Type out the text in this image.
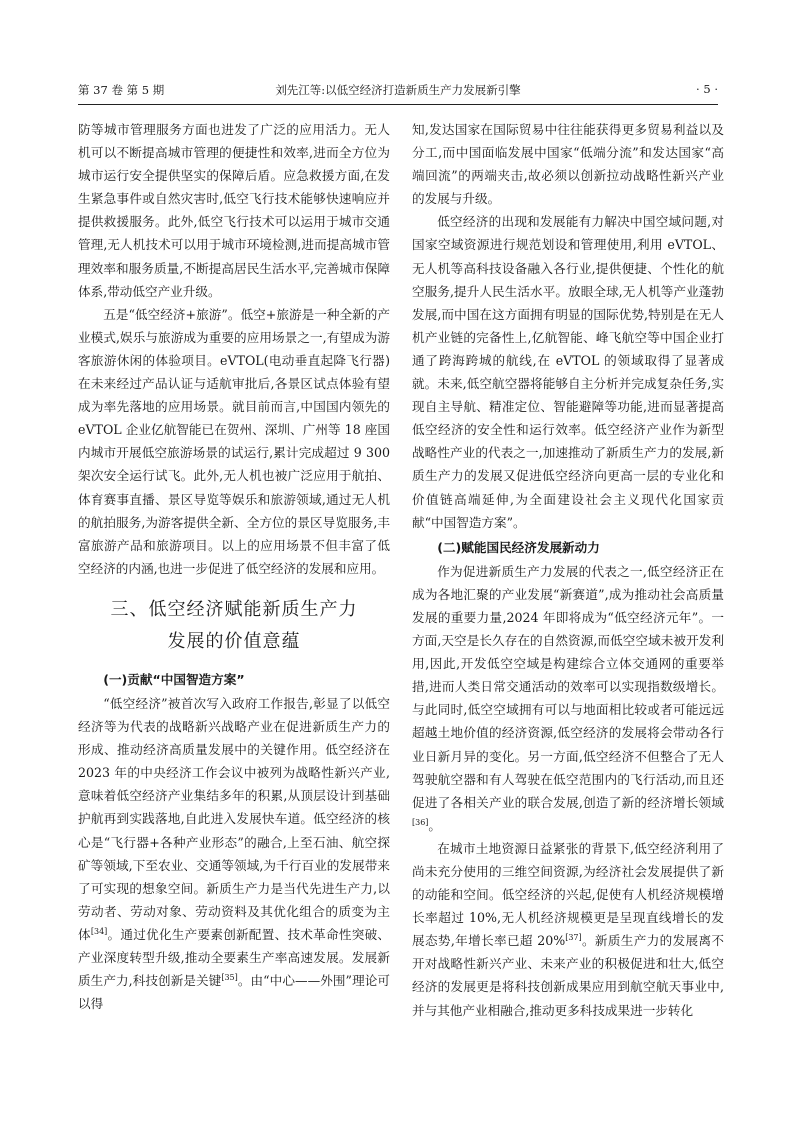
第 37 卷 第 5 期	刘先江等:以低空经济打造新质生产力发展新引擎	· 5 ·

防等城市管理服务方面也进发了广泛的应用活力。无人机可以不断提高城市管理的便捷性和效率,进而全方位为城市运行安全提供坚实的保障后盾。应急救援方面,在发生紧急事件或自然灾害时,低空飞行技术能够快速响应并提供救援服务。此外,低空飞行技术可以运用于城市交通管理,无人机技术可以用于城市环境检测,进而提高城市管理效率和服务质量,不断提高居民生活水平,完善城市保障体系,带动低空产业升级。

五是“低空经济+旅游”。低空+旅游是一种全新的产业模式,娱乐与旅游成为重要的应用场景之一,有望成为游客旅游休闲的体验项目。eVTOL(电动垂直起降飞行器)在未来经过产品认证与适航审批后,各景区试点体验有望成为率先落地的应用场景。就目前而言,中国国内领先的 eVTOL 企业亿航智能已在贺州、深圳、广州等 18 座国内城市开展低空旅游场景的试运行,累计完成超过 9 300 架次安全运行试飞。此外,无人机也被广泛应用于航拍、体育赛事直播、景区导览等娱乐和旅游领域,通过无人机的航拍服务,为游客提供全新、全方位的景区导览服务,丰富旅游产品和旅游项目。以上的应用场景不但丰富了低空经济的内涵,也进一步促进了低空经济的发展和应用。

三、低空经济赋能新质生产力
发展的价值意蕴
(一)贡献“中国智造方案”

“低空经济”被首次写入政府工作报告,彰显了以低空经济等为代表的战略新兴战略产业在促进新质生产力的形成、推动经济高质量发展中的关键作用。低空经济在 2023 年的中央经济工作会议中被列为战略性新兴产业,意味着低空经济产业集结多年的积累,从顶层设计到基础护航再到实践落地,自此进入发展快车道。低空经济的核心是“飞行器+各种产业形态”的融合,上至石油、航空探矿等领域,下至农业、交通等领域,为千行百业的发展带来了可实现的想象空间。新质生产力是当代先进生产力,以劳动者、劳动对象、劳动资料及其优化组合的质变为主体[34]。通过优化生产要素创新配置、技术革命性突破、产业深度转型升级,推动全要素生产率高速发展。发展新质生产力,科技创新是关键[35]。由“中心——外围”理论可以得

知,发达国家在国际贸易中往往能获得更多贸易利益以及分工,而中国面临发展中国家“低端分流”和发达国家“高端回流”的两端夹击,故必须以创新拉动战略性新兴产业的发展与升级。

低空经济的出现和发展能有力解决中国空域问题,对国家空域资源进行规范划设和管理使用,利用 eVTOL、无人机等高科技设备融入各行业,提供便捷、个性化的航空服务,提升人民生活水平。放眼全球,无人机等产业蓬勃发展,而中国在这方面拥有明显的国际优势,特别是在无人机产业链的完备性上,亿航智能、峰飞航空等中国企业打通了跨海跨城的航线,在 eVTOL 的领域取得了显著成就。未来,低空航空器将能够自主分析并完成复杂任务,实现自主导航、精准定位、智能避障等功能,进而显著提高低空经济的安全性和运行效率。低空经济产业作为新型战略性产业的代表之一,加速推动了新质生产力的发展,新质生产力的发展又促进低空经济向更高一层的专业化和价值链高端延伸,为全面建设社会主义现代化国家贡献“中国智造方案”。

(二)赋能国民经济发展新动力

作为促进新质生产力发展的代表之一,低空经济正在成为各地汇聚的产业发展“新赛道”,成为推动社会高质量发展的重要力量,2024 年即将成为“低空经济元年”。一方面,天空是长久存在的自然资源,而低空空域未被开发利用,因此,开发低空空域是构建综合立体交通网的重要举措,进而人类日常交通活动的效率可以实现指数级增长。与此同时,低空空域拥有可以与地面相比较或者可能远远超越土地价值的经济资源,低空经济的发展将会带动各行业日新月异的变化。另一方面,低空经济不但整合了无人驾驶航空器和有人驾驶在低空范围内的飞行活动,而且还促进了各相关产业的联合发展,创造了新的经济增长领域[36]。

在城市土地资源日益紧张的背景下,低空经济利用了尚未充分使用的三维空间资源,为经济社会发展提供了新的动能和空间。低空经济的兴起,促使有人机经济规模增长率超过 10%,无人机经济规模更是呈现直线增长的发展态势,年增长率已超 20%[37]。新质生产力的发展离不开对战略性新兴产业、未来产业的积极促进和壮大,低空经济的发展更是将科技创新成果应用到航空航天事业中,并与其他产业相融合,推动更多科技成果进一步转化
